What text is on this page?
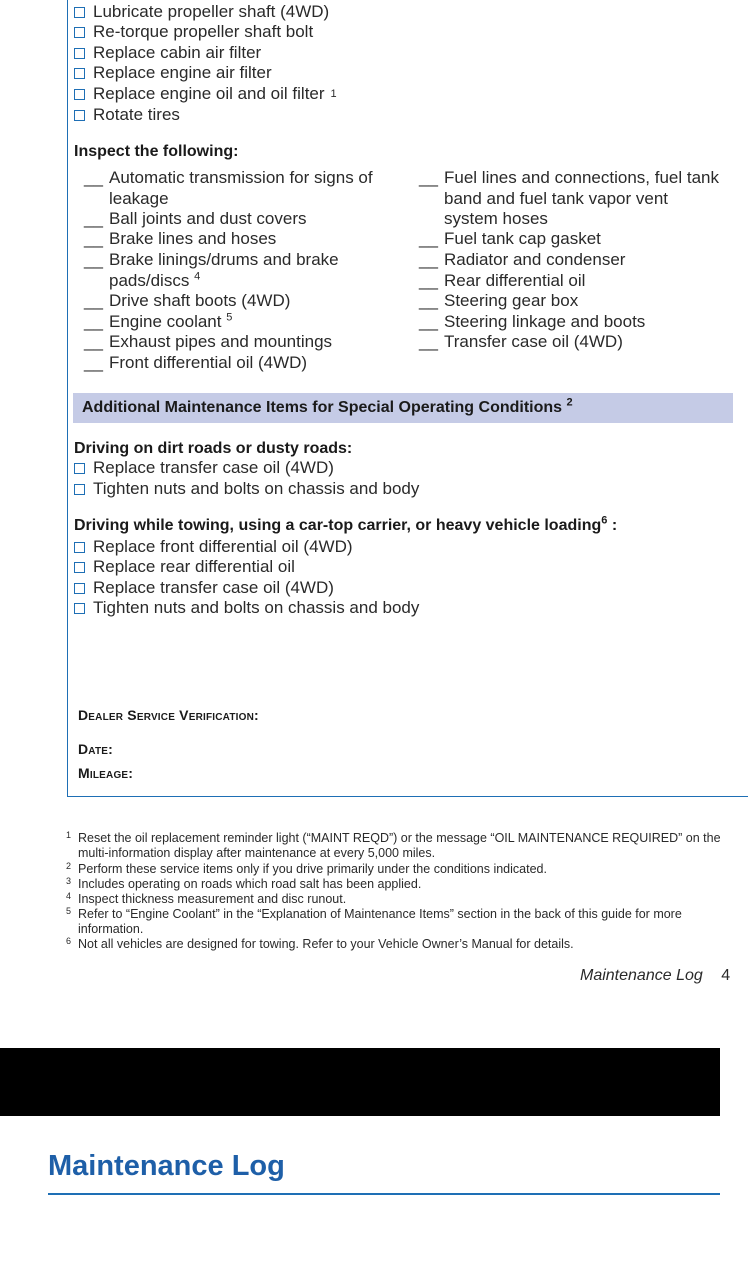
Lubricate propeller shaft (4WD)
Re-torque propeller shaft bolt
Replace cabin air filter
Replace engine air filter
Replace engine oil and oil filter 1
Rotate tires
Inspect the following:
__ Automatic transmission for signs of leakage
__ Ball joints and dust covers
__ Brake lines and hoses
__ Brake linings/drums and brake pads/discs $^4$
__ Drive shaft boots (4WD)
__ Engine coolant $^5$
__ Exhaust pipes and mountings
__ Front differential oil (4WD)
__ Fuel lines and connections, fuel tank band and fuel tank vapor vent system hoses
__ Fuel tank cap gasket
__ Radiator and condenser
__ Rear differential oil
__ Steering gear box
__ Steering linkage and boots
__ Transfer case oil (4WD)
Additional Maintenance Items for Special Operating Conditions $^2$
Driving on dirt roads or dusty roads:
Replace transfer case oil (4WD)
Tighten nuts and bolts on chassis and body
Driving while towing, using a car-top carrier, or heavy vehicle loading$^6$ :
Replace front differential oil (4WD)
Replace rear differential oil
Replace transfer case oil (4WD)
Tighten nuts and bolts on chassis and body
Dealer Service Verification:
Date:
Mileage:
1 Reset the oil replacement reminder light (“MAINT REQD”) or the message “OIL MAINTENANCE REQUIRED” on the multi-information display after maintenance at every 5,000 miles.
2 Perform these service items only if you drive primarily under the conditions indicated.
3 Includes operating on roads which road salt has been applied.
4 Inspect thickness measurement and disc runout.
5 Refer to “Engine Coolant” in the “Explanation of Maintenance Items” section in the back of this guide for more information.
6 Not all vehicles are designed for towing. Refer to your Vehicle Owner’s Manual for details.
Maintenance Log 4
Maintenance Log
